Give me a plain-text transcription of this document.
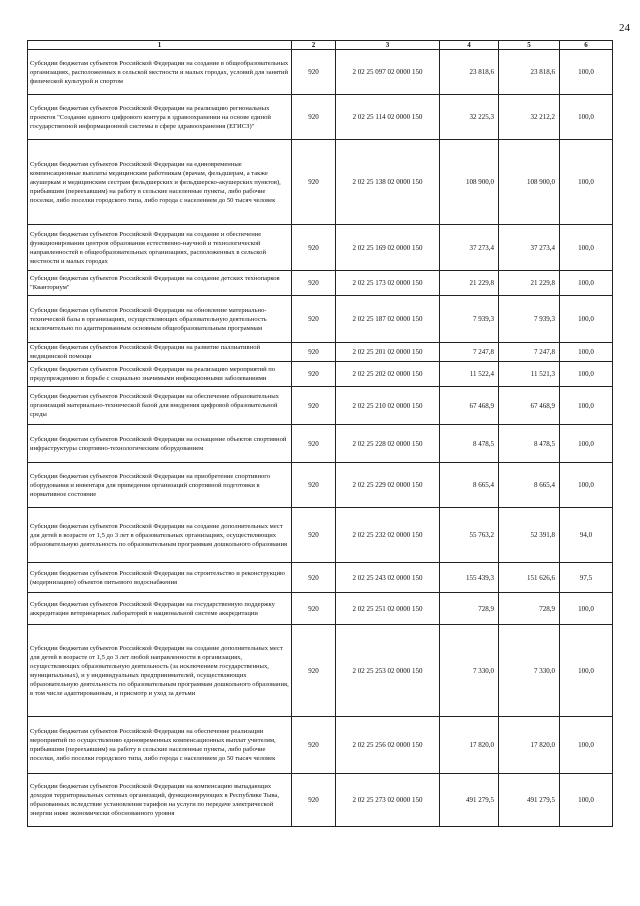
24
1	2	3	4	5	6
Субсидии бюджетам субъектов Российской Федерации на создание в общеобразовательных организациях, расположенных в сельской местности и малых городах, условий для занятий физической культурой и спортом	920	2 02 25 097 02 0000 150	23 818,6	23 818,6	100,0
Субсидии бюджетам субъектов Российской Федерации на реализацию региональных проектов "Создание единого цифрового контура в здравоохранении на основе единой государственной информационной системы в сфере здравоохранения (ЕГИСЗ)"	920	2 02 25 114 02 0000 150	32 225,3	32 212,2	100,0
Субсидии бюджетам субъектов Российской Федерации на единовременные компенсационные выплаты медицинским работникам (врачам, фельдшерам, а также акушеркам и медицинским сестрам фельдшерских и фельдшерско-акушерских пунктов), прибывшим (переехавшим) на работу в сельские населенные пункты, либо рабочие поселки, либо поселки городского типа, либо города с населением до 50 тысяч человек	920	2 02 25 138 02 0000 150	108 900,0	108 900,0	100,0
Субсидии бюджетам субъектов Российской Федерации на создание и обеспечение функционирования центров образования естественно-научной и технологической направленностей в общеобразовательных организациях, расположенных в сельской местности и малых городах	920	2 02 25 169 02 0000 150	37 273,4	37 273,4	100,0
Субсидии бюджетам субъектов Российской Федерации на создание детских технопарков "Кванториум"	920	2 02 25 173 02 0000 150	21 229,8	21 229,8	100,0
Субсидии бюджетам субъектов Российской Федерации на обновление материально-технической базы в организациях, осуществляющих образовательную деятельность исключительно по адаптированным основным общеобразовательным программам	920	2 02 25 187 02 0000 150	7 939,3	7 939,3	100,0
Субсидии бюджетам субъектов Российской Федерации на развитие паллиативной медицинской помощи	920	2 02 25 201 02 0000 150	7 247,8	7 247,8	100,0
Субсидии бюджетам субъектов Российской Федерации на реализацию мероприятий по предупреждению и борьбе с социально значимыми инфекционными заболеваниями	920	2 02 25 202 02 0000 150	11 522,4	11 521,3	100,0
Субсидии бюджетам субъектов Российской Федерации на обеспечение образовательных организаций материально-технической базой для внедрения цифровой образовательной среды	920	2 02 25 210 02 0000 150	67 468,9	67 468,9	100,0
Субсидии бюджетам субъектов Российской Федерации на оснащение объектов спортивной инфраструктуры спортивно-технологическим оборудованием	920	2 02 25 228 02 0000 150	8 478,5	8 478,5	100,0
Субсидии бюджетам субъектов Российской Федерации на приобретение спортивного оборудования и инвентаря для приведения организаций спортивной подготовки в нормативное состояние	920	2 02 25 229 02 0000 150	8 665,4	8 665,4	100,0
Субсидии бюджетам субъектов Российской Федерации на создание дополнительных мест для детей в возрасте от 1,5 до 3 лет в образовательных организациях, осуществляющих образовательную деятельность по образовательным программам дошкольного образования	920	2 02 25 232 02 0000 150	55 763,2	52 391,8	94,0
Субсидии бюджетам субъектов Российской Федерации на строительство и реконструкцию (модернизацию) объектов питьевого водоснабжения	920	2 02 25 243 02 0000 150	155 439,3	151 626,6	97,5
Субсидии бюджетам субъектов Российской Федерации на государственную поддержку аккредитации ветеринарных лабораторий в национальной системе аккредитации	920	2 02 25 251 02 0000 150	728,9	728,9	100,0
Субсидии бюджетам субъектов Российской Федерации на создание дополнительных мест для детей в возрасте от 1,5 до 3 лет любой направленности в организациях, осуществляющих образовательную деятельность (за исключением государственных, муниципальных), и у индивидуальных предпринимателей, осуществляющих образовательную деятельность по образовательным программам дошкольного образования, в том числе адаптированным, и присмотр и уход за детьми	920	2 02 25 253 02 0000 150	7 330,0	7 330,0	100,0
Субсидии бюджетам субъектов Российской Федерации на обеспечение реализации мероприятий по осуществлению единовременных компенсационных выплат учителям, прибывшим (переехавшим) на работу в сельские населенные пункты, либо рабочие поселки, либо поселки городского типа, либо города с населением до 50 тысяч человек	920	2 02 25 256 02 0000 150	17 820,0	17 820,0	100,0
Субсидии бюджетам субъектов Российской Федерации на компенсацию выпадающих доходов территориальных сетевых организаций, функционирующих в Республике Тыва, образованных вследствие установления тарифов на услуги по передаче электрической энергии ниже экономически обоснованного уровня	920	2 02 25 273 02 0000 150	491 279,5	491 279,5	100,0
